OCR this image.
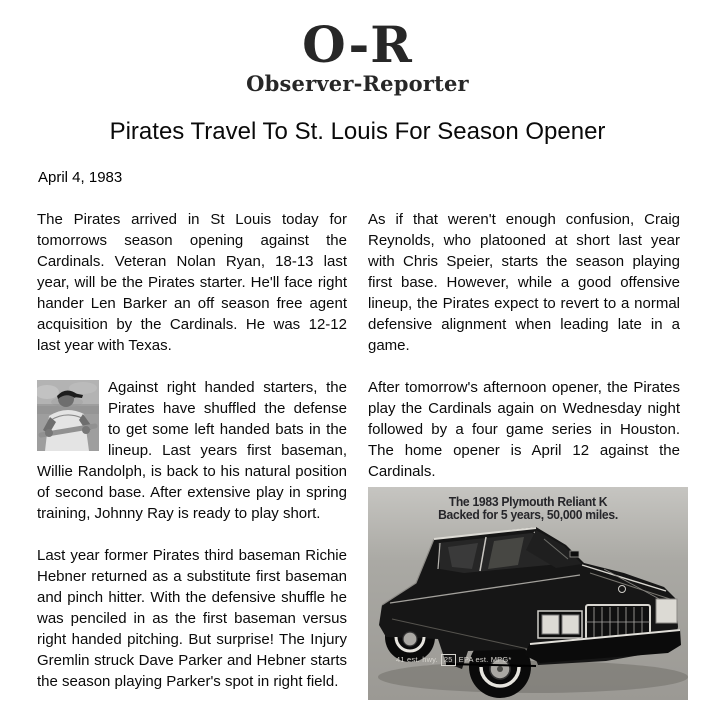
O-R
Observer-Reporter
Pirates Travel To St. Louis For Season Opener
April 4, 1983

The Pirates arrived in St Louis today for tomorrows season opening against the Cardinals. Veteran Nolan Ryan, 18-13 last year, will be the Pirates starter. He'll face right hander Len Barker an off season free agent acquisition by the Cardinals. He was 12-12 last year with Texas.

Against right handed starters, the Pirates have shuffled the defense to get some left handed bats in the lineup. Last years first baseman, Willie Randolph, is back to his natural position of second base. After extensive play in spring training, Johnny Ray is ready to play short.

Last year former Pirates third baseman Richie Hebner returned as a substitute first baseman and pinch hitter. With the defensive shuffle he was penciled in as the first baseman versus right handed pitching. But surprise! The Injury Gremlin struck Dave Parker and Hebner starts the season playing Parker's spot in right field.

As if that weren't enough confusion, Craig Reynolds, who platooned at short last year with Chris Speier, starts the season playing first base. However, while a good offensive lineup, the Pirates expect to revert to a normal defensive alignment when leading late in a game.

After tomorrow's afternoon opener, the Pirates play the Cardinals again on Wednesday night followed by a four game series in Houston. The home opener is April 12 against the Cardinals.

The 1983 Plymouth Reliant K
Backed for 5 years, 50,000 miles.
41 est. hwy. 25 EPA est. MPG*
